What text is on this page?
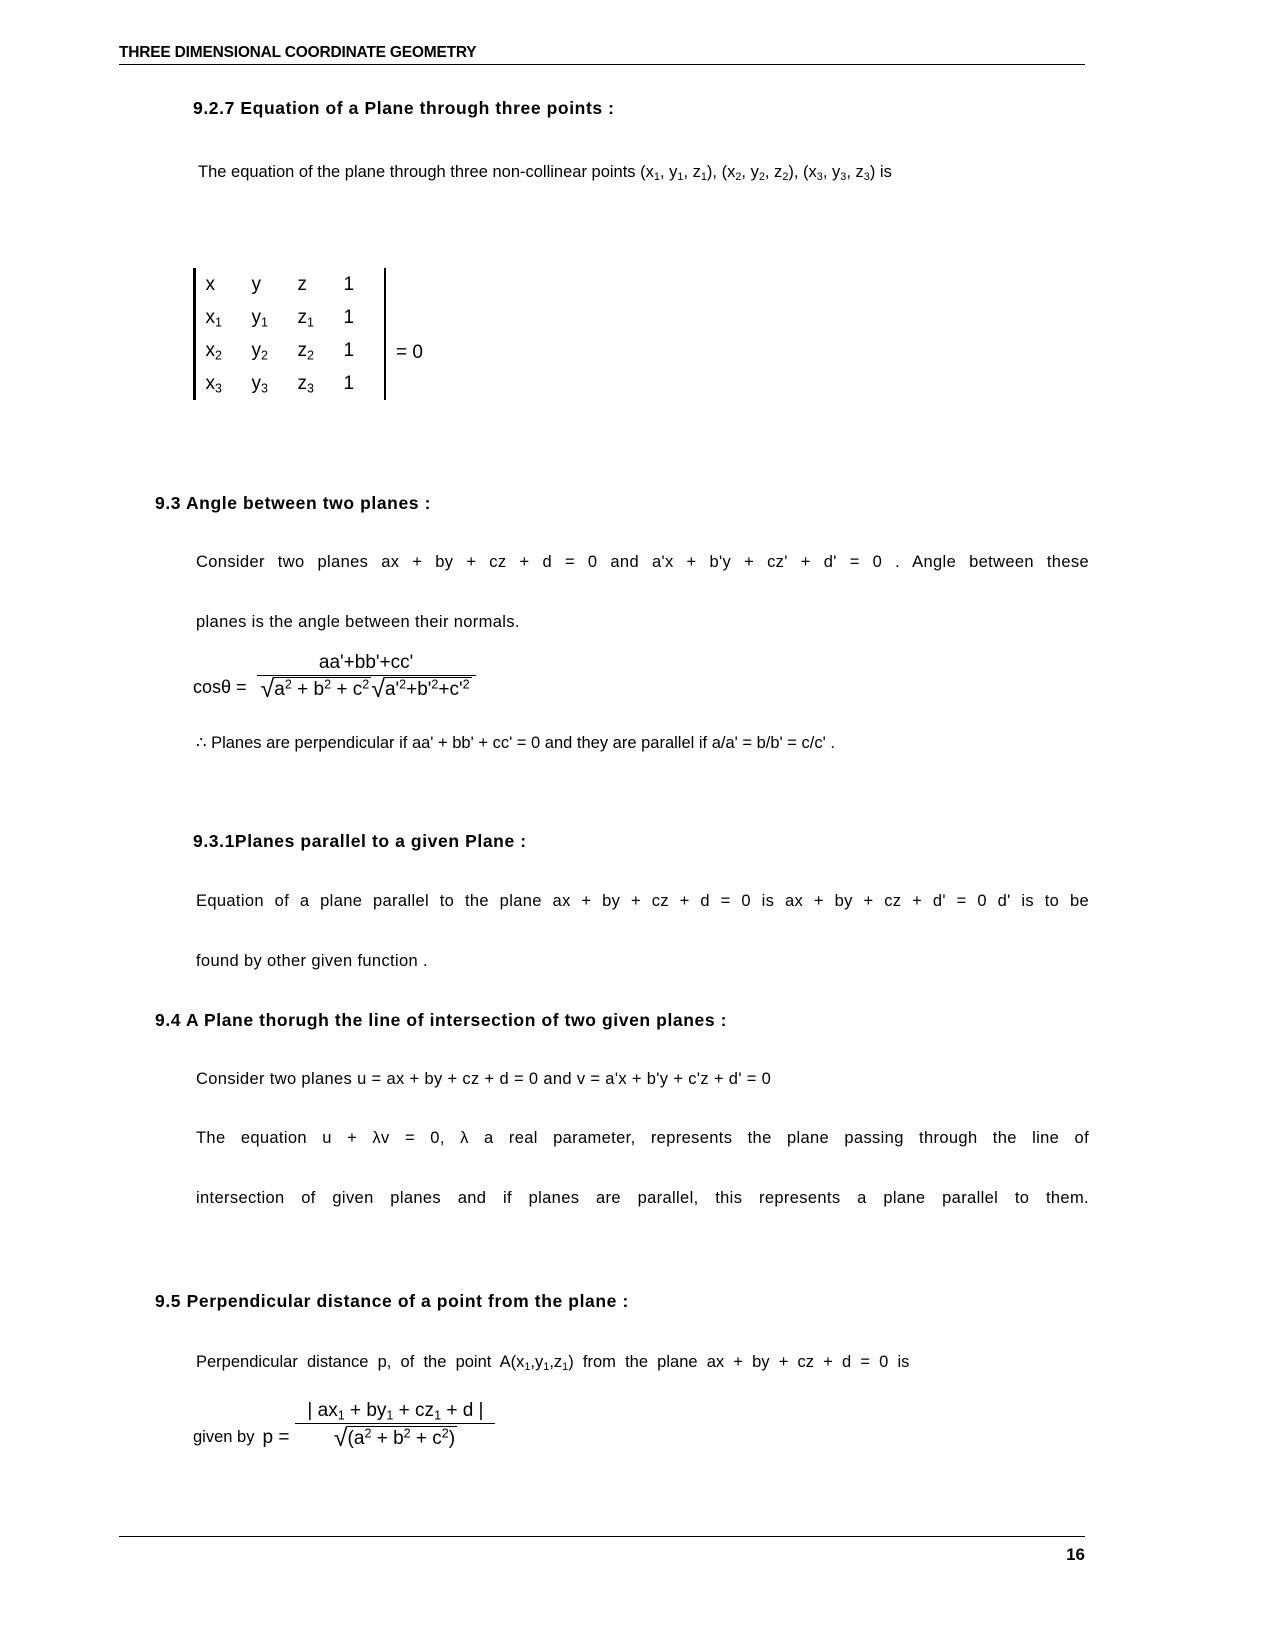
THREE DIMENSIONAL COORDINATE GEOMETRY
9.2.7 Equation of a Plane through three points :
The equation of the plane through three non-collinear points ($x_1$, $y_1$, $z_1$), ($x_2$, $y_2$, $z_2$), ($x_3$, $y_3$, $z_3$) is
x	y	z	1
$x_1$	$y_1$	$z_1$	1
$x_2$	$y_2$	$z_2$	1
$x_3$	$y_3$	$z_3$	1
= 0
9.3 Angle between two planes :
Consider two planes ax + by + cz + d = 0 and a'x + b'y + cz' + d' = 0 . Angle between these
planes is the angle between their normals.
cosθ =
aa'+bb'+cc'
√ $a^2 + b^2 + c^2$ √ $a'^2+b'^2+c'^2$
∴ Planes are perpendicular if aa' + bb' + cc' = 0 and they are parallel if a/a' = b/b' = c/c' .
9.3.1Planes parallel to a given Plane :
Equation of a plane parallel to the plane ax + by + cz + d = 0 is ax + by + cz + d' = 0 d' is to be
found by other given function .
9.4 A Plane thorugh the line of intersection of two given planes :
Consider two planes u = ax + by + cz + d = 0 and v = a'x + b'y + c'z + d' = 0
The equation u + λv = 0, λ a real parameter, represents the plane passing through the line of
intersection of given planes and if planes are parallel, this represents a plane parallel to them.
9.5 Perpendicular distance of a point from the plane :
Perpendicular  distance  p,  of  the  point  $A(x_1,y_1,z_1)$  from  the  plane  ax  +  by  +  cz  +  d  =  0  is
given by $p = \frac{| ax_1 + by_1 + cz_1 + d |}{√ (a^2 + b^2 + c^2)}$
16
